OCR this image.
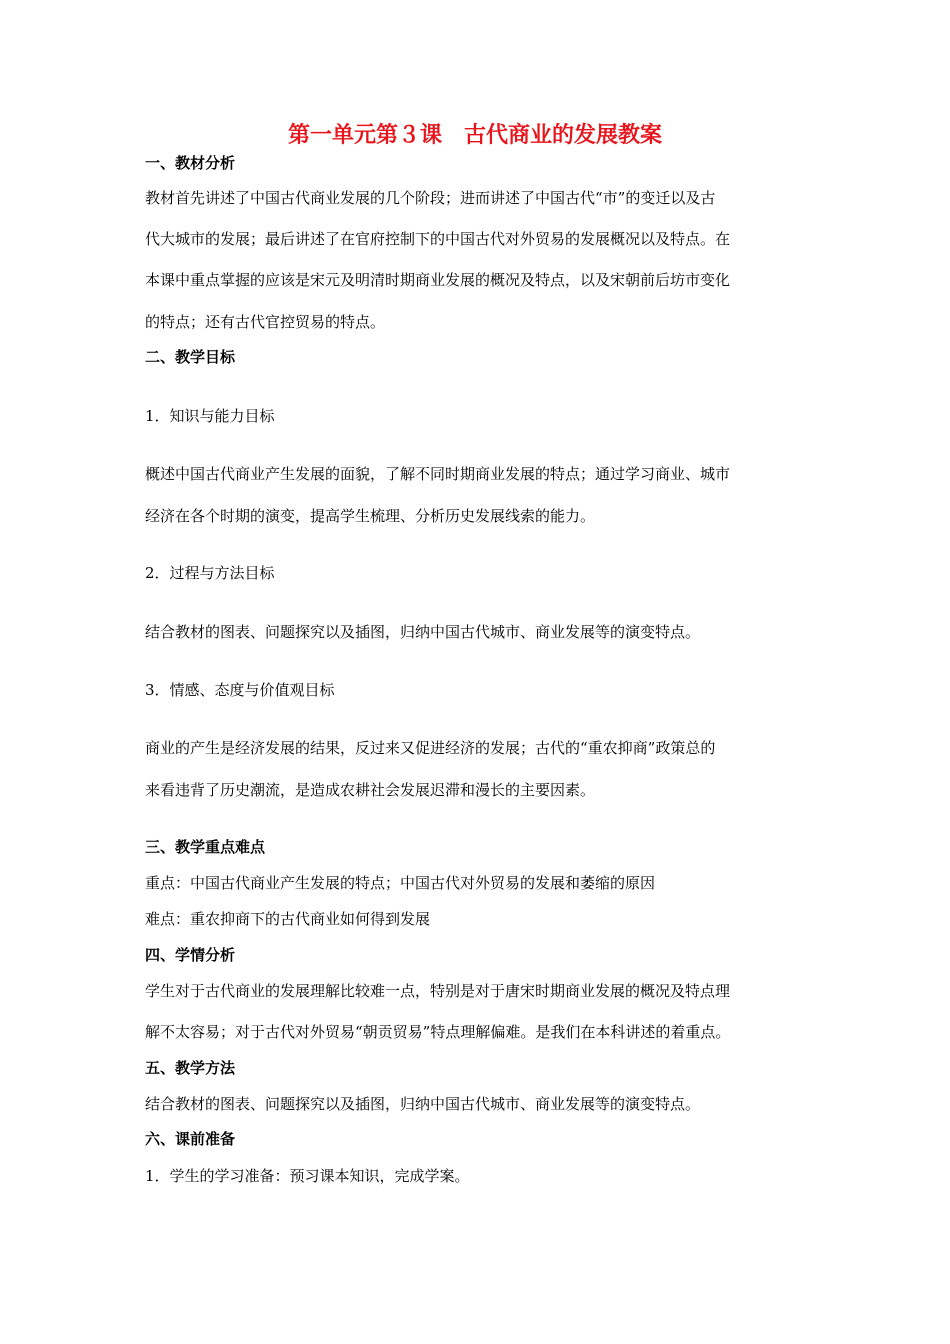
第一单元第３课　古代商业的发展教案
一、教材分析
教材首先讲述了中国古代商业发展的几个阶段；进而讲述了中国古代“市”的变迁以及古
代大城市的发展；最后讲述了在官府控制下的中国古代对外贸易的发展概况以及特点。在
本课中重点掌握的应该是宋元及明清时期商业发展的概况及特点，以及宋朝前后坊市变化
的特点；还有古代官控贸易的特点。
二、教学目标
1．知识与能力目标
概述中国古代商业产生发展的面貌，了解不同时期商业发展的特点；通过学习商业、城市
经济在各个时期的演变，提高学生梳理、分析历史发展线索的能力。
2．过程与方法目标
结合教材的图表、问题探究以及插图，归纳中国古代城市、商业发展等的演变特点。
3．情感、态度与价值观目标
商业的产生是经济发展的结果，反过来又促进经济的发展；古代的“重农抑商”政策总的
来看违背了历史潮流，是造成农耕社会发展迟滞和漫长的主要因素。
三、教学重点难点
重点：中国古代商业产生发展的特点；中国古代对外贸易的发展和萎缩的原因
难点：重农抑商下的古代商业如何得到发展
四、学情分析
学生对于古代商业的发展理解比较难一点，特别是对于唐宋时期商业发展的概况及特点理
解不太容易；对于古代对外贸易“朝贡贸易”特点理解偏难。是我们在本科讲述的着重点。
五、教学方法
结合教材的图表、问题探究以及插图，归纳中国古代城市、商业发展等的演变特点。
六、课前准备
1．学生的学习准备：预习课本知识，完成学案。
